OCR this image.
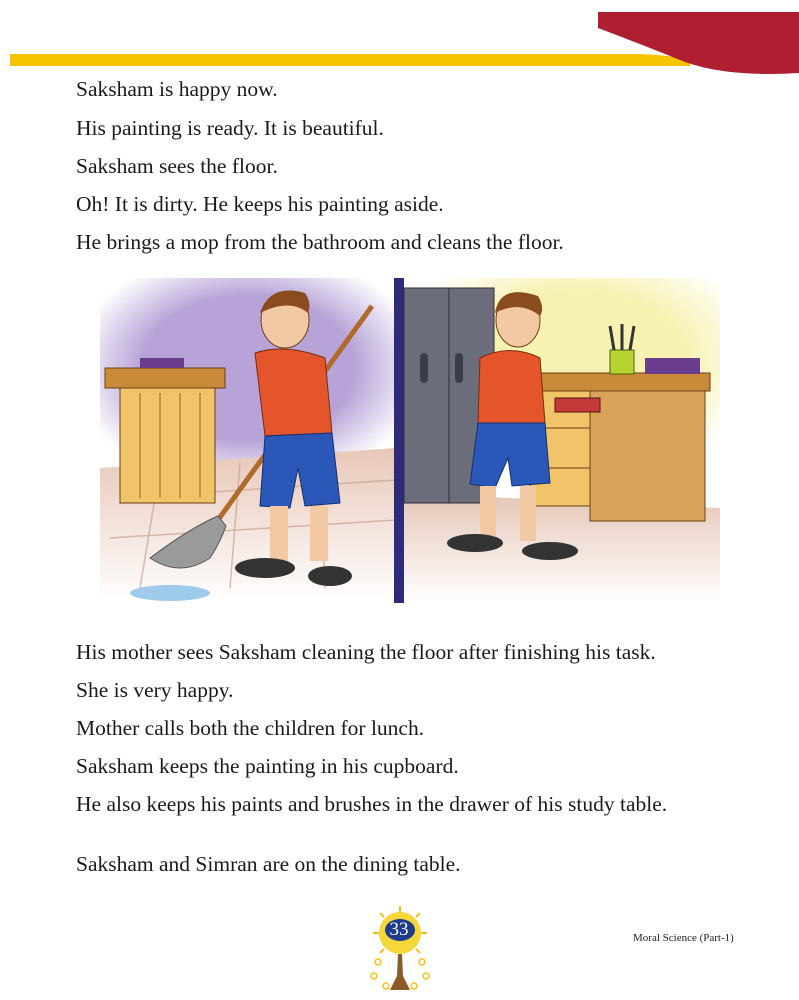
Saksham is happy now.

His painting is ready. It is beautiful.

Saksham sees the floor.

Oh! It is dirty. He keeps his painting aside.

He brings a mop from the bathroom and cleans the floor.

His mother sees Saksham cleaning the floor after finishing his task.

She is very happy.

Mother calls both the children for lunch.

Saksham keeps the painting in his cupboard.

He also keeps his paints and brushes in the drawer of his study table.

Saksham and Simran are on the dining table.

33	Moral Science (Part-1)
